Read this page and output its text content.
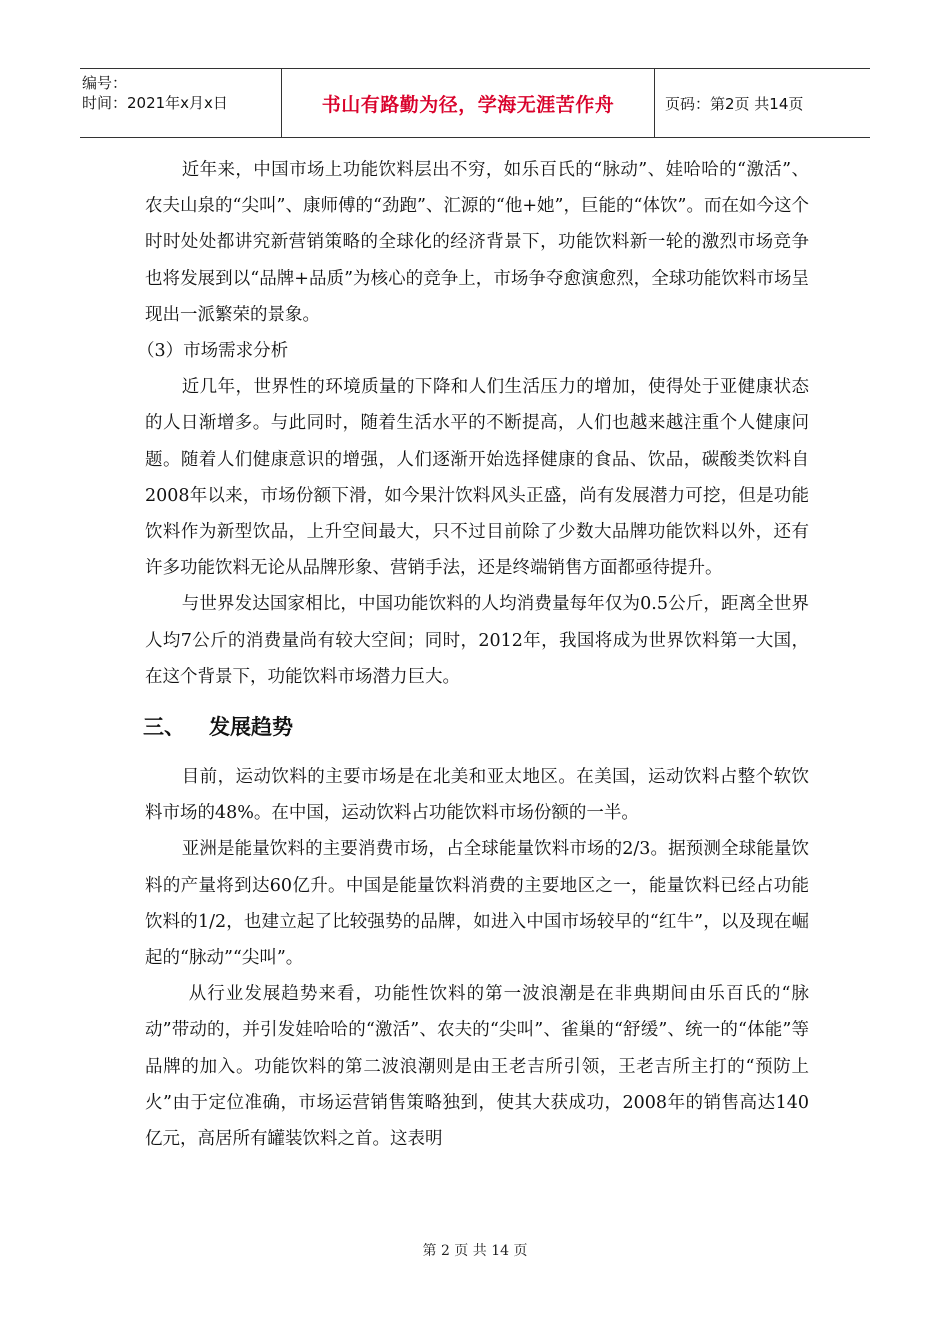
编号：
时间：2021年x月x日	书山有路勤为径，学海无涯苦作舟	页码：第2页 共14页

近年来，中国市场上功能饮料层出不穷，如乐百氏的“脉动”、娃哈哈的“激活”、农夫山泉的“尖叫”、康师傅的“劲跑”、汇源的“他+她”，巨能的“体饮”。而在如今这个时时处处都讲究新营销策略的全球化的经济背景下，功能饮料新一轮的激烈市场竞争也将发展到以“品牌+品质”为核心的竞争上，市场争夺愈演愈烈，全球功能饮料市场呈现出一派繁荣的景象。

（3）市场需求分析

近几年，世界性的环境质量的下降和人们生活压力的增加，使得处于亚健康状态的人日渐增多。与此同时，随着生活水平的不断提高，人们也越来越注重个人健康问题。随着人们健康意识的增强，人们逐渐开始选择健康的食品、饮品，碳酸类饮料自2008年以来，市场份额下滑，如今果汁饮料风头正盛，尚有发展潜力可挖，但是功能饮料作为新型饮品，上升空间最大，只不过目前除了少数大品牌功能饮料以外，还有许多功能饮料无论从品牌形象、营销手法，还是终端销售方面都亟待提升。

与世界发达国家相比，中国功能饮料的人均消费量每年仅为0.5公斤，距离全世界人均7公斤的消费量尚有较大空间；同时，2012年，我国将成为世界饮料第一大国，在这个背景下，功能饮料市场潜力巨大。

三、	发展趋势

目前，运动饮料的主要市场是在北美和亚太地区。在美国，运动饮料占整个软饮料市场的48%。在中国，运动饮料占功能饮料市场份额的一半。

亚洲是能量饮料的主要消费市场，占全球能量饮料市场的2/3。据预测全球能量饮料的产量将到达60亿升。中国是能量饮料消费的主要地区之一，能量饮料已经占功能饮料的1/2，也建立起了比较强势的品牌，如进入中国市场较早的“红牛”，以及现在崛起的“脉动”“尖叫”。

从行业发展趋势来看，功能性饮料的第一波浪潮是在非典期间由乐百氏的“脉动”带动的，并引发娃哈哈的“激活”、农夫的“尖叫”、雀巢的“舒缓”、统一的“体能”等品牌的加入。功能饮料的第二波浪潮则是由王老吉所引领，王老吉所主打的“预防上火”由于定位准确，市场运营销售策略独到，使其大获成功，2008年的销售高达140亿元，高居所有罐装饮料之首。这表明

第 2 页 共 14 页
